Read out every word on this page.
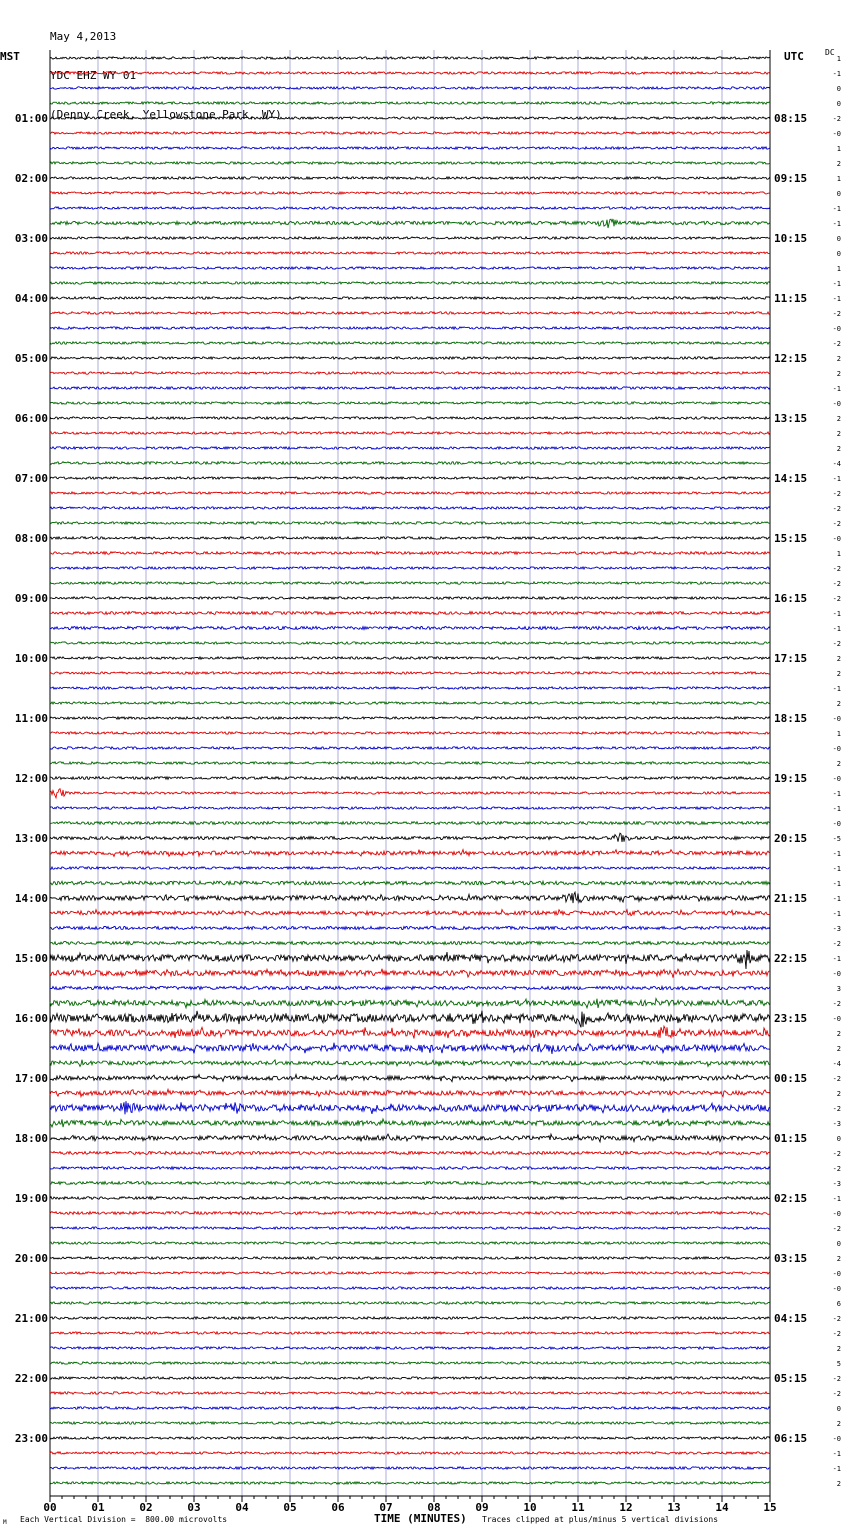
May 4,2013

YDC EHZ WY 01

(Denny Creek, Yellowstone Park, WY)

MST	UTC	DC
00	01	02	03	04	05	06	07	08	09	10	11	12	13	14	15
1
-1
0
0
-2
-0
1
2
1
0
-1
-1
0
0
1
-1
-1
-2
-0
-2
2
2
-1
-0
2
2
2
-4
-1
-2
-2
-2
-0
1
-2
-2
-2
-1
-1
-2
2
2
-1
2
-0
1
-0
2
-0
-1
-1
-0
-5
-1
-1
-1
-1
-1
-3
-2
-1
-0
3
-2
-0
2
2
-4
-2
2
-2
-3
0
-2
-2
-3
-1
-0
-2
0
2
-0
-0
6
-2
-2
2
5
-2
-2
0
2
-0
-1
-1
2
01:00	08:15
02:00	09:15
03:00	10:15
04:00	11:15
05:00	12:15
06:00	13:15
07:00	14:15
08:00	15:15
09:00	16:15
10:00	17:15
11:00	18:15
12:00	19:15
13:00	20:15
14:00	21:15
15:00	22:15
16:00	23:15
17:00	00:15
18:00	01:15
19:00	02:15
20:00	03:15
21:00	04:15
22:00	05:15
23:00	06:15
M Each Vertical Division =  800.00 microvolts	TIME (MINUTES) Traces clipped at plus/minus 5 vertical divisions
